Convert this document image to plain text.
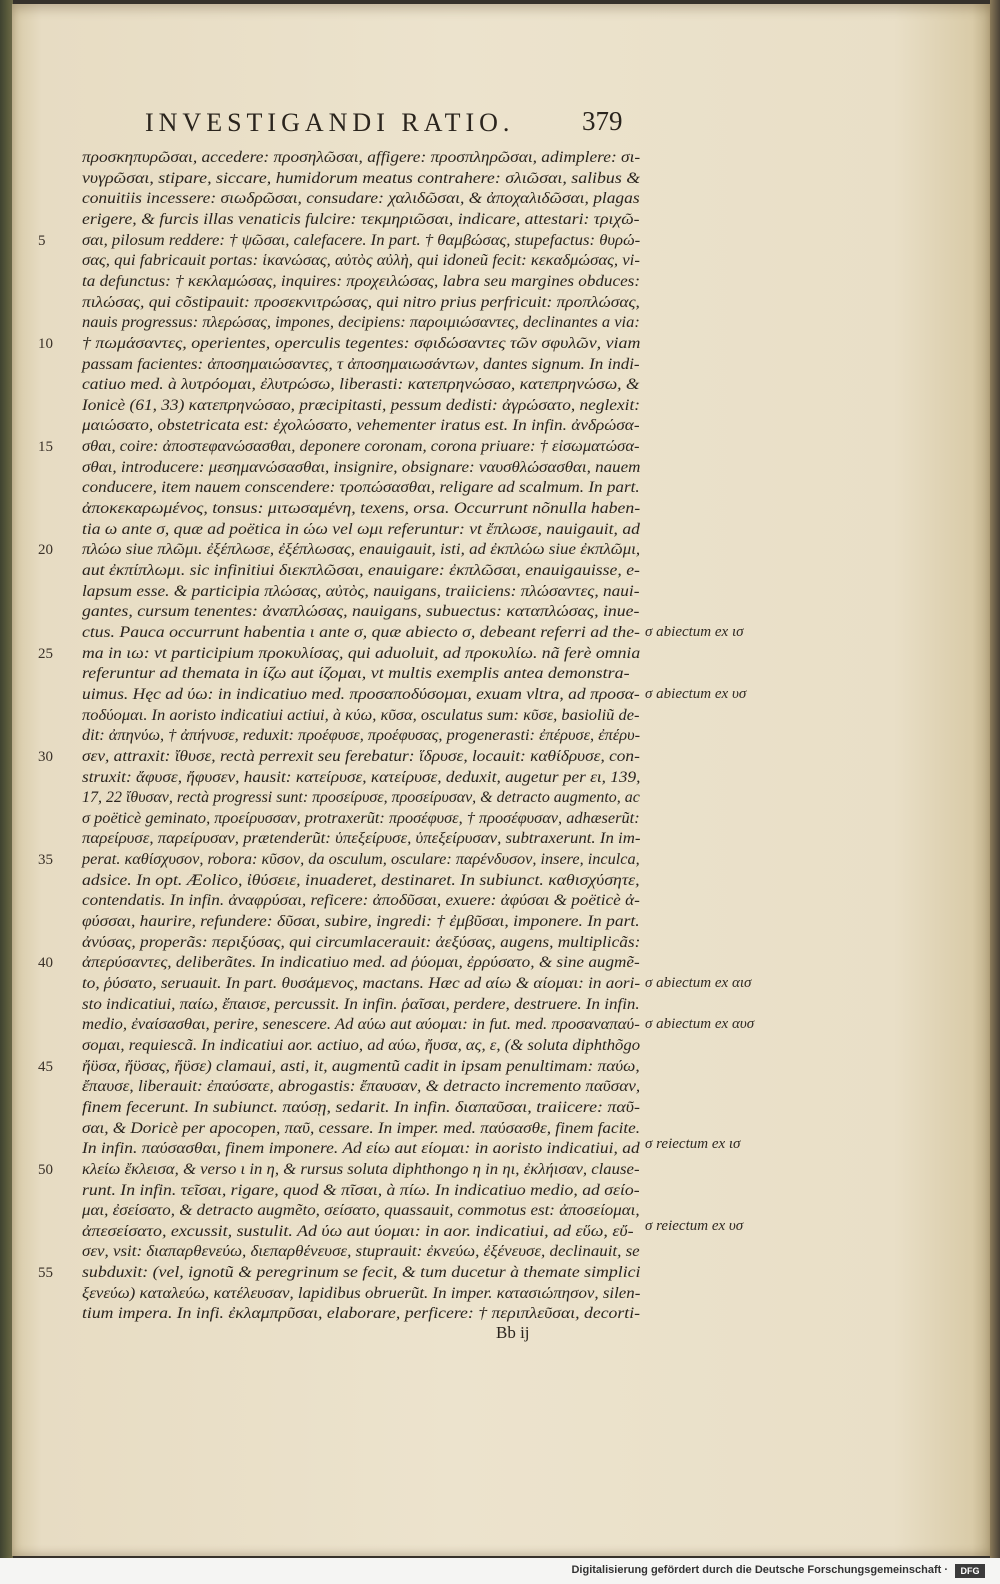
INVESTIGANDI RATIO.	379
προσκηπυρῶσαι, accedere: προσηλῶσαι, affigere: προσπληρῶσαι, adimplere: σι-
νυγρῶσαι, stipare, siccare, humidorum meatus contrahere: σλιῶσαι, salibus &
conuitiis incessere: σιωδρῶσαι, consudare: χαλιδῶσαι, & ἀποχαλιδῶσαι, plagas
erigere, & furcis illas venaticis fulcire: τεκμηριῶσαι, indicare, attestari: τριχῶ-
σαι, pilosum reddere: † ψῶσαι, calefacere. In part. † θαμβώσας, stupefactus: θυρώ-
σας, qui fabricauit portas: ἱκανώσας, αὐτὸς αὐλὴ, qui idoneũ fecit: κεκαδμώσας, vi-
ta defunctus: † κεκλαμώσας, inquires: προχειλώσας, labra seu margines obduces:
πιλώσας, qui cõstipauit: προσεκνιτρώσας, qui nitro prius perfricuit: προπλώσας,
nauis progressus: πλερώσας, impones, decipiens: παροιμιώσαντες, declinantes a via:
† πωμάσαντες, operientes, operculis tegentes: σφιδώσαντες τῶν σφυλῶν, viam
passam facientes: ἀποσημαιώσαντες, τ ἀποσημαιωσάντων, dantes signum. In indi-
catiuo med. à λυτρόομαι, ἐλυτρώσω, liberasti: κατεπρηνώσαο, κατεπρηνώσω, &
Ionicè (61, 33) κατεπρηνώσαο, præcipitasti, pessum dedisti: ἀγρώσατο, neglexit:
μαιώσατο, obstetricata est: ἐχολώσατο, vehementer iratus est. In infin. ἀνδρώσα-
σθαι, coire: ἀποστεφανώσασθαι, deponere coronam, corona priuare: † εἰσωματώσα-
σθαι, introducere: μεσημανώσασθαι, insignire, obsignare: ναυσθλώσασθαι, nauem
conducere, item nauem conscendere: τροπώσασθαι, religare ad scalmum. In part.
ἀποκεκαρωμένος, tonsus: μιτωσαμένη, texens, orsa. Occurrunt nõnulla haben-
tia ω ante σ, quæ ad poëtica in ώω vel ωμι referuntur: vt ἔπλωσε, nauigauit, ad
πλώω siue πλῶμι. ἐξέπλωσε, ἐξέπλωσας, enauigauit, isti, ad ἐκπλώω siue ἐκπλῶμι,
aut ἐκπίπλωμι. sic infinitiui διεκπλῶσαι, enauigare: ἐκπλῶσαι, enauigauisse, e-
lapsum esse. & participia πλώσας, αὐτὸς, nauigans, traiiciens: πλώσαντες, naui-
gantes, cursum tenentes: ἀναπλώσας, nauigans, subuectus: καταπλώσας, inue-
ctus. Pauca occurrunt habentia ι ante σ, quæ abiecto σ, debeant referri ad the-
ma in ιω: vt participium προκυλίσας, qui aduoluit, ad προκυλίω. nã ferè omnia
referuntur ad themata in ίζω aut ίζομαι, vt multis exemplis antea demonstra-
uimus. Hęc ad ύω: in indicatiuo med. προσαποδύσομαι, exuam vltra, ad προσα-
ποδύομαι. In aoristo indicatiui actiui, à κύω, κῦσα, osculatus sum: κῦσε, basioliũ de-
dit: ἀπηνύω, † ἀπήνυσε, reduxit: προέφυσε, προέφυσας, progenerasti: ἐπέρυσε, ἐπέρυ-
σεν, attraxit: ἴθυσε, rectà perrexit seu ferebatur: ἵδρυσε, locauit: καθίδρυσε, con-
struxit: ἄφυσε, ἤφυσεν, hausit: κατείρυσε, κατείρυσε, deduxit, augetur per ει, 139,
17, 22 ἴθυσαν, rectà progressi sunt: προσείρυσε, προσείρυσαν, & detracto augmento, ac
σ poëticè geminato, προείρυσσαν, protraxerũt: προσέφυσε, † προσέφυσαν, adhæserũt:
παρείρυσε, παρείρυσαν, prætenderũt: ὑπεξείρυσε, ὑπεξείρυσαν, subtraxerunt. In im-
perat. καθίσχυσον, robora: κῦσον, da osculum, osculare: παρένδυσον, insere, inculca,
adsice. In opt. Æolico, ἰθύσειε, inuaderet, destinaret. In subiunct. καθισχύσητε,
contendatis. In infin. ἀναφρύσαι, reficere: ἀποδῦσαι, exuere: ἀφύσαι & poëticè ἀ-
φύσσαι, haurire, refundere: δῦσαι, subire, ingredi: † ἐμβῦσαι, imponere. In part.
ἀνύσας, properãs: περιξύσας, qui circumlacerauit: ἀεξύσας, augens, multiplicãs:
ἀπερύσαντες, deliberãtes. In indicatiuo med. ad ῥύομαι, ἐρρύσατο, & sine augmẽ-
to, ῥύσατο, seruauit. In part. θυσάμενος, mactans. Hæc ad αίω & αίομαι: in aori-
sto indicatiui, παίω, ἔπαισε, percussit. In infin. ῥαῖσαι, perdere, destruere. In infin.
medio, ἐναίσασθαι, perire, senescere. Ad αύω aut αύομαι: in fut. med. προσαναπαύ-
σομαι, requiescã. In indicatiui aor. actiuo, ad αύω, ἤυσα, ας, ε, (& soluta diphthõgo
ἤϋσα, ἤϋσας, ἤϋσε) clamaui, asti, it, augmentũ cadit in ipsam penultimam: παύω,
ἔπαυσε, liberauit: ἐπαύσατε, abrogastis: ἔπαυσαν, & detracto incremento παῦσαν,
finem fecerunt. In subiunct. παύσῃ, sedarit. In infin. διαπαῦσαι, traiicere: παῦ-
σαι, & Doricè per apocopen, παῦ, cessare. In imper. med. παύσασθε, finem facite.
In infin. παύσασθαι, finem imponere. Ad είω aut είομαι: in aoristo indicatiui, ad
κλείω ἔκλεισα, & verso ι in η, & rursus soluta diphthongo η in ηι, ἐκλήισαν, clause-
runt. In infin. τεῖσαι, rigare, quod & πῖσαι, à πίω. In indicatiuo medio, ad σείο-
μαι, ἐσείσατο, & detracto augmẽto, σείσατο, quassauit, commotus est: ἀποσείομαι,
ἀπεσείσατο, excussit, sustulit. Ad ύω aut ύομαι: in aor. indicatiui, ad εὕω, εὔ-
σεν, vsit: διαπαρθενεύω, διεπαρθένευσε, stuprauit: ἐκνεύω, ἐξένευσε, declinauit, se
subduxit: (vel, ignotũ & peregrinum se fecit, & tum ducetur à themate simplici
ξενεύω) καταλεύω, κατέλευσαν, lapidibus obruerũt. In imper. κατασιώπησον, silen-
tium impera. In infi. ἐκλαμπρῦσαι, elaborare, perficere: † περιπλεῦσαι, decorti-
5
10
15
20
25
30
35
40
45
50
55
σ abiectum ex ισ
σ abiectum ex υσ
σ abiectum ex αισ
σ abiectum ex αυσ
σ reiectum ex ισ
σ reiectum ex υσ
Bb ij
Digitalisierung gefördert durch die Deutsche Forschungsgemeinschaft ·	DFG
